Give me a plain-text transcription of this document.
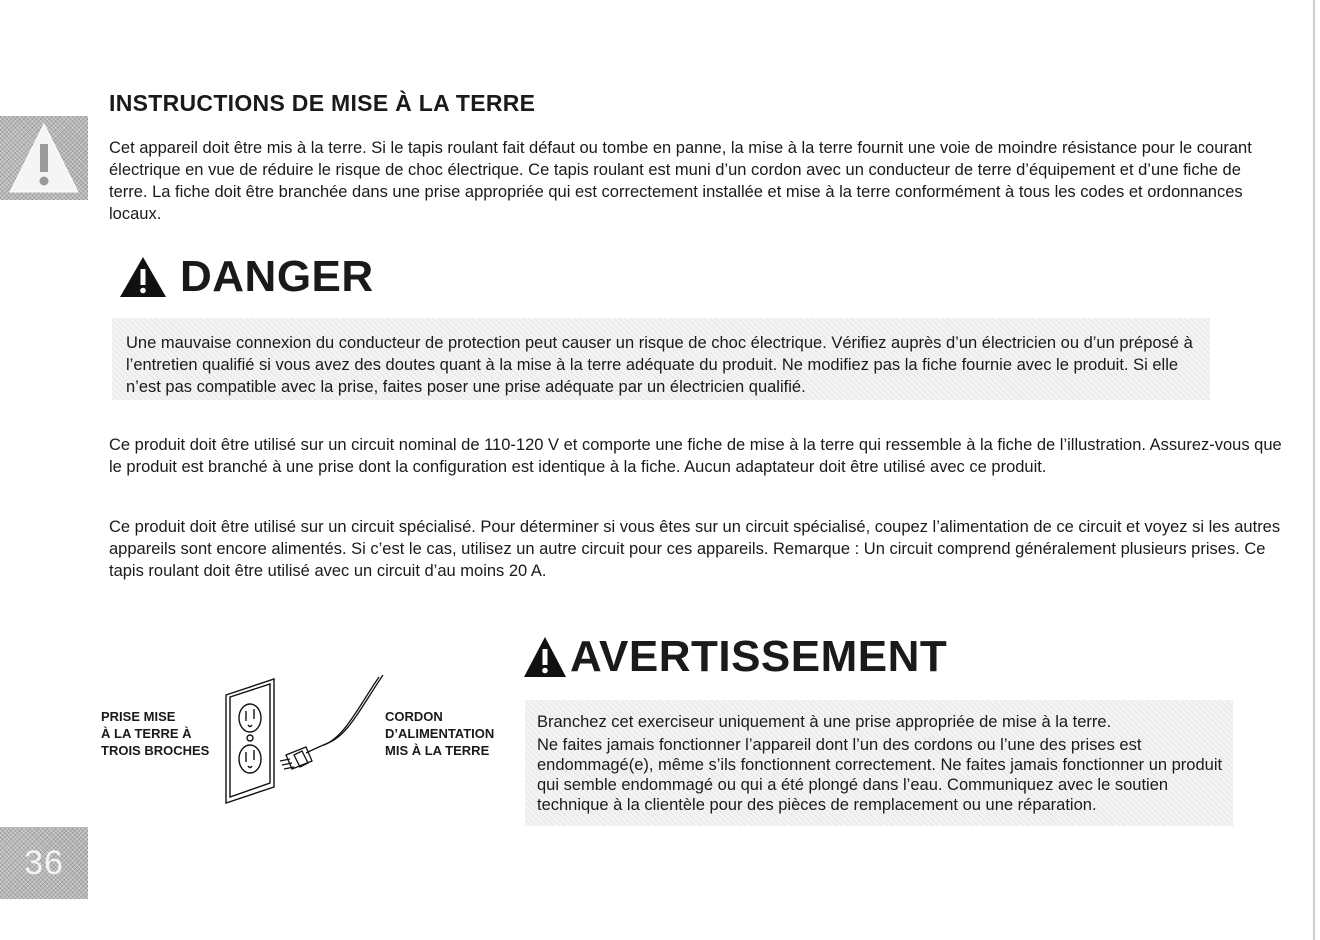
36
INSTRUCTIONS DE MISE À LA TERRE

Cet appareil doit être mis à la terre. Si le tapis roulant fait défaut ou tombe en panne, la mise à la terre fournit une voie de moindre résistance pour le courant électrique en vue de réduire le risque de choc électrique. Ce tapis roulant est muni d’un cordon avec un conducteur de terre d’équipement et d’une fiche de terre. La fiche doit être branchée dans une prise appropriée qui est correctement installée et mise à la terre conformément à tous les codes et ordonnances locaux.

DANGER

Une mauvaise connexion du conducteur de protection peut causer un risque de choc électrique. Vérifiez auprès d’un électricien ou d’un préposé à l’entretien qualifié si vous avez des doutes quant à la mise à la terre adéquate du produit. Ne modifiez pas la fiche fournie avec le produit. Si elle n’est pas compatible avec la prise, faites poser une prise adéquate par un électricien qualifié.

Ce produit doit être utilisé sur un circuit nominal de 110-120 V et comporte une fiche de mise à la terre qui ressemble à la fiche de l’illustration. Assurez-vous que le produit est branché à une prise dont la configuration est identique à la fiche. Aucun adaptateur doit être utilisé avec ce produit.

Ce produit doit être utilisé sur un circuit spécialisé. Pour déterminer si vous êtes sur un circuit spécialisé, coupez l’alimentation de ce circuit et voyez si les autres appareils sont encore alimentés. Si c’est le cas, utilisez un autre circuit pour ces appareils. Remarque : Un circuit comprend généralement plusieurs prises. Ce tapis roulant doit être utilisé avec un circuit d’au moins 20 A.

PRISE MISE
À LA TERRE À
TROIS BROCHES

CORDON
D’ALIMENTATION
MIS À LA TERRE

AVERTISSEMENT

Branchez cet exerciseur uniquement à une prise appropriée de mise à la terre.

Ne faites jamais fonctionner l’appareil dont l’un des cordons ou l’une des prises est endommagé(e), même s’ils fonctionnent correctement. Ne faites jamais fonctionner un produit qui semble endommagé ou qui a été plongé dans l’eau. Communiquez avec le soutien technique à la clientèle pour des pièces de remplacement ou une réparation.
